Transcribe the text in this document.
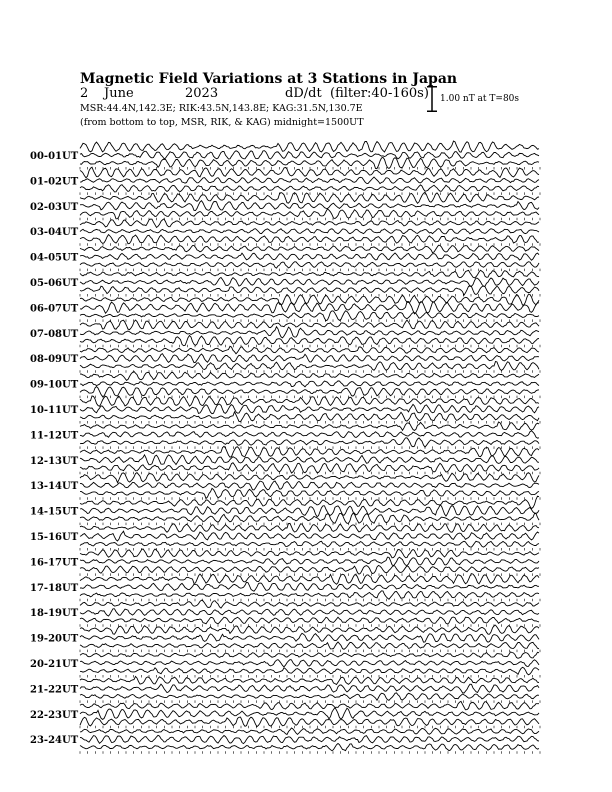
Magnetic Field Variations at 3 Stations in Japan
2 June	2023	dD/dt (filter:40-160s)
MSR:44.4N,142.3E; RIK:43.5N,143.8E; KAG:31.5N,130.7E
(from bottom to top, MSR, RIK, & KAG) midnight=1500UT
1.00 nT at T=80s
00-01UT
01-02UT
02-03UT
03-04UT
04-05UT
05-06UT
06-07UT
07-08UT
08-09UT
09-10UT
10-11UT
11-12UT
12-13UT
13-14UT
14-15UT
15-16UT
16-17UT
17-18UT
18-19UT
19-20UT
20-21UT
21-22UT
22-23UT
23-24UT
